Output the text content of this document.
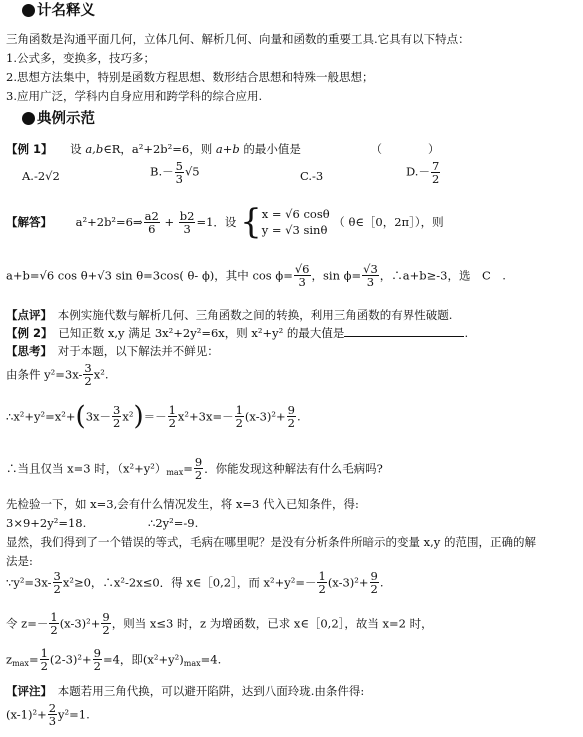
计名释义
三角函数是沟通平面几何，立体几何、解析几何、向量和函数的重要工具.它具有以下特点：
1.公式多，变换多，技巧多；
2.思想方法集中，特别是函数方程思想、数形结合思想和特殊一般思想；
3.应用广泛，学科内自身应用和跨学科的综合应用.
典例示范
【例 1】 设 a,b∈R，a²+2b²=6，则 a+b 的最小值是	（　　　　）
A.-2√2	$B.- \frac{5}{3} √5$	C.-3	$D.- \frac{7}{2}$
【解答】 a²+2b²=6⇒ $\frac{a2}{6} + \frac{b2}{3} =1$．设 { x = √6 cosθ
y = √3 sinθ
（ θ∈［0，2π］），则
a+b=√6 cos θ+√3 sin θ=3cos( θ- ϕ)，其中 $\cos \phi= \frac{√6}{3}$ ，$\sin \phi= \frac{√3}{3}$ ，∴a+b≥-3，选　C　.
【点评】　本例实施代数与解析几何、三角函数之间的转换，利用三角函数的有界性破题.
【例 2】　已知正数 x,y 满足 3x²+2y²=6x，则 x²+y² 的最大值是	.
【思考】　对于本题，以下解法并不鲜见：
由条件 $y^2=3x- \frac{3}{2} x^2$.
∴x²+y²=x²+(3x－ $\frac{3}{2} x^2)=- \frac{1}{2} x^2+3x=- \frac{1}{2} (x-3)^2+ \frac{9}{2}$ .
∴当且仅当 x=3 时，$(x^2+y^2)_{max}= \frac{9}{2}$ ．你能发现这种解法有什么毛病吗?
先检验一下，如 x=3,会有什么情况发生，将 x=3 代入已知条件，得:
3×9+2y²=18.	∴2y²=-9.
显然，我们得到了一个错误的等式，毛病在哪里呢？是没有分析条件所暗示的变量 x,y 的范围，正确的解
法是:
∵y²=3x- $\frac{3}{2} x^2\ge 0$，∴x²-2x≤0．得 x∈［0,2］，而 $x^2+y^2=- \frac{1}{2} (x-3)^2+ \frac{9}{2}$ .
令 $z=- \frac{1}{2} (x-3)^2+ \frac{9}{2}$ ，则当 x≤3 时，z 为增函数，已求 x∈［0,2］，故当 x=2 时，
$z_{max}= \frac{1}{2} (2-3)^2+ \frac{9}{2} =4$，即$(x^2+y^2)_{max}=4$.
【评注】　本题若用三角代换，可以避开陷阱，达到八面玲珑.由条件得:
$(x-1)^2+ \frac{2}{3} y^2=1$.
